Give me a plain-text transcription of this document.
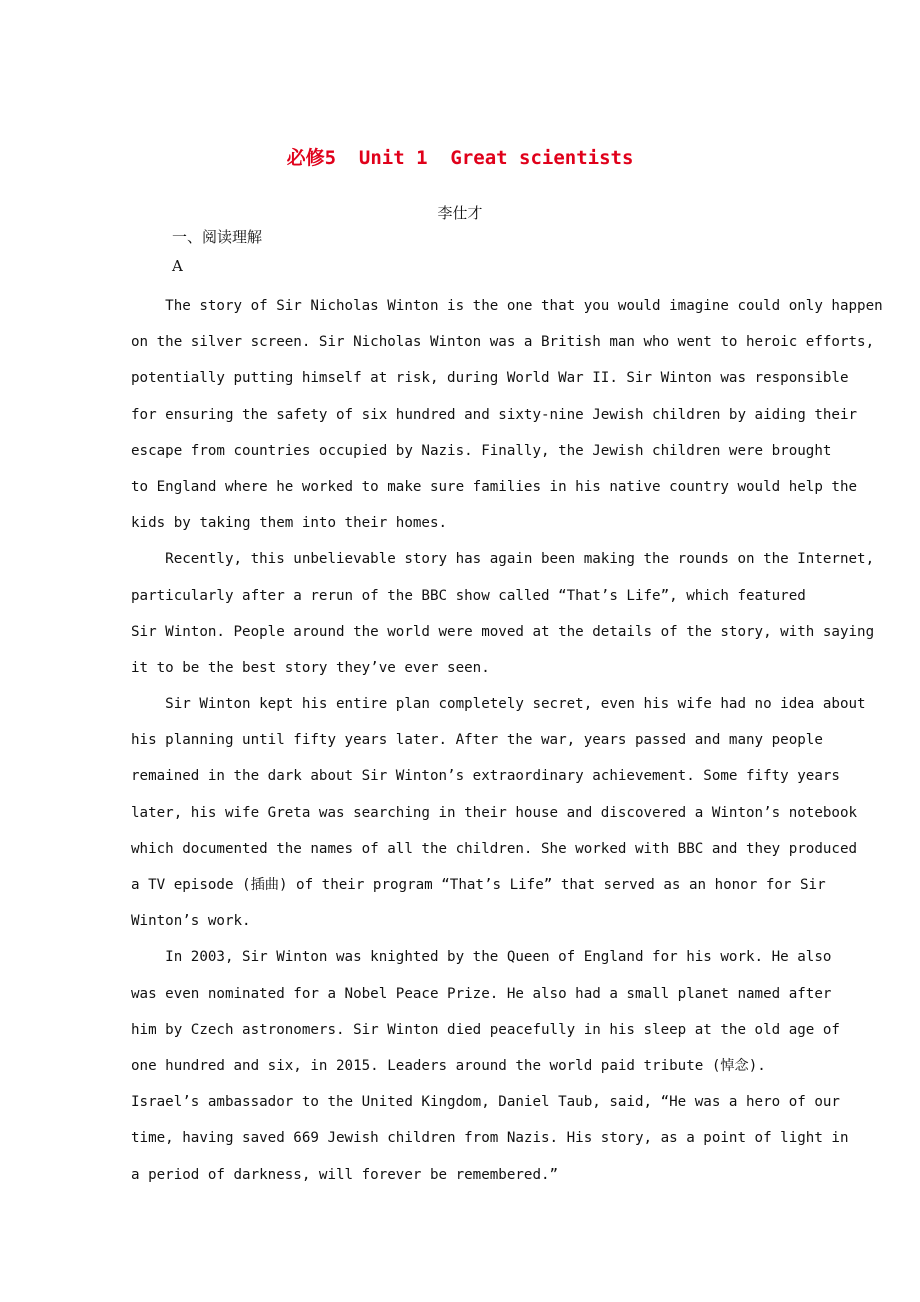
必修5  Unit 1  Great scientists
李仕才
一、阅读理解
A
The story of Sir Nicholas Winton is the one that you would imagine could only happen
on the silver screen. Sir Nicholas Winton was a British man who went to heroic efforts,
potentially putting himself at risk, during World War II. Sir Winton was responsible
for ensuring the safety of six hundred and sixty-nine Jewish children by aiding their
escape from countries occupied by Nazis. Finally, the Jewish children were brought
to England where he worked to make sure families in his native country would help the
kids by taking them into their homes.
Recently, this unbelievable story has again been making the rounds on the Internet,
particularly after a rerun of the BBC show called “That’s Life”, which featured
Sir Winton. People around the world were moved at the details of the story, with saying
it to be the best story they’ve ever seen.
Sir Winton kept his entire plan completely secret, even his wife had no idea about
his planning until fifty years later. After the war, years passed and many people
remained in the dark about Sir Winton’s extraordinary achievement. Some fifty years
later, his wife Greta was searching in their house and discovered a Winton’s notebook
which documented the names of all the children. She worked with BBC and they produced
a TV episode (插曲) of their program “That’s Life” that served as an honor for Sir
Winton’s work.
In 2003, Sir Winton was knighted by the Queen of England for his work. He also
was even nominated for a Nobel Peace Prize. He also had a small planet named after
him by Czech astronomers. Sir Winton died peacefully in his sleep at the old age of
one hundred and six, in 2015. Leaders around the world paid tribute (悼念).
Israel’s ambassador to the United Kingdom, Daniel Taub, said, “He was a hero of our
time, having saved 669 Jewish children from Nazis. His story, as a point of light in
a period of darkness, will forever be remembered.”
